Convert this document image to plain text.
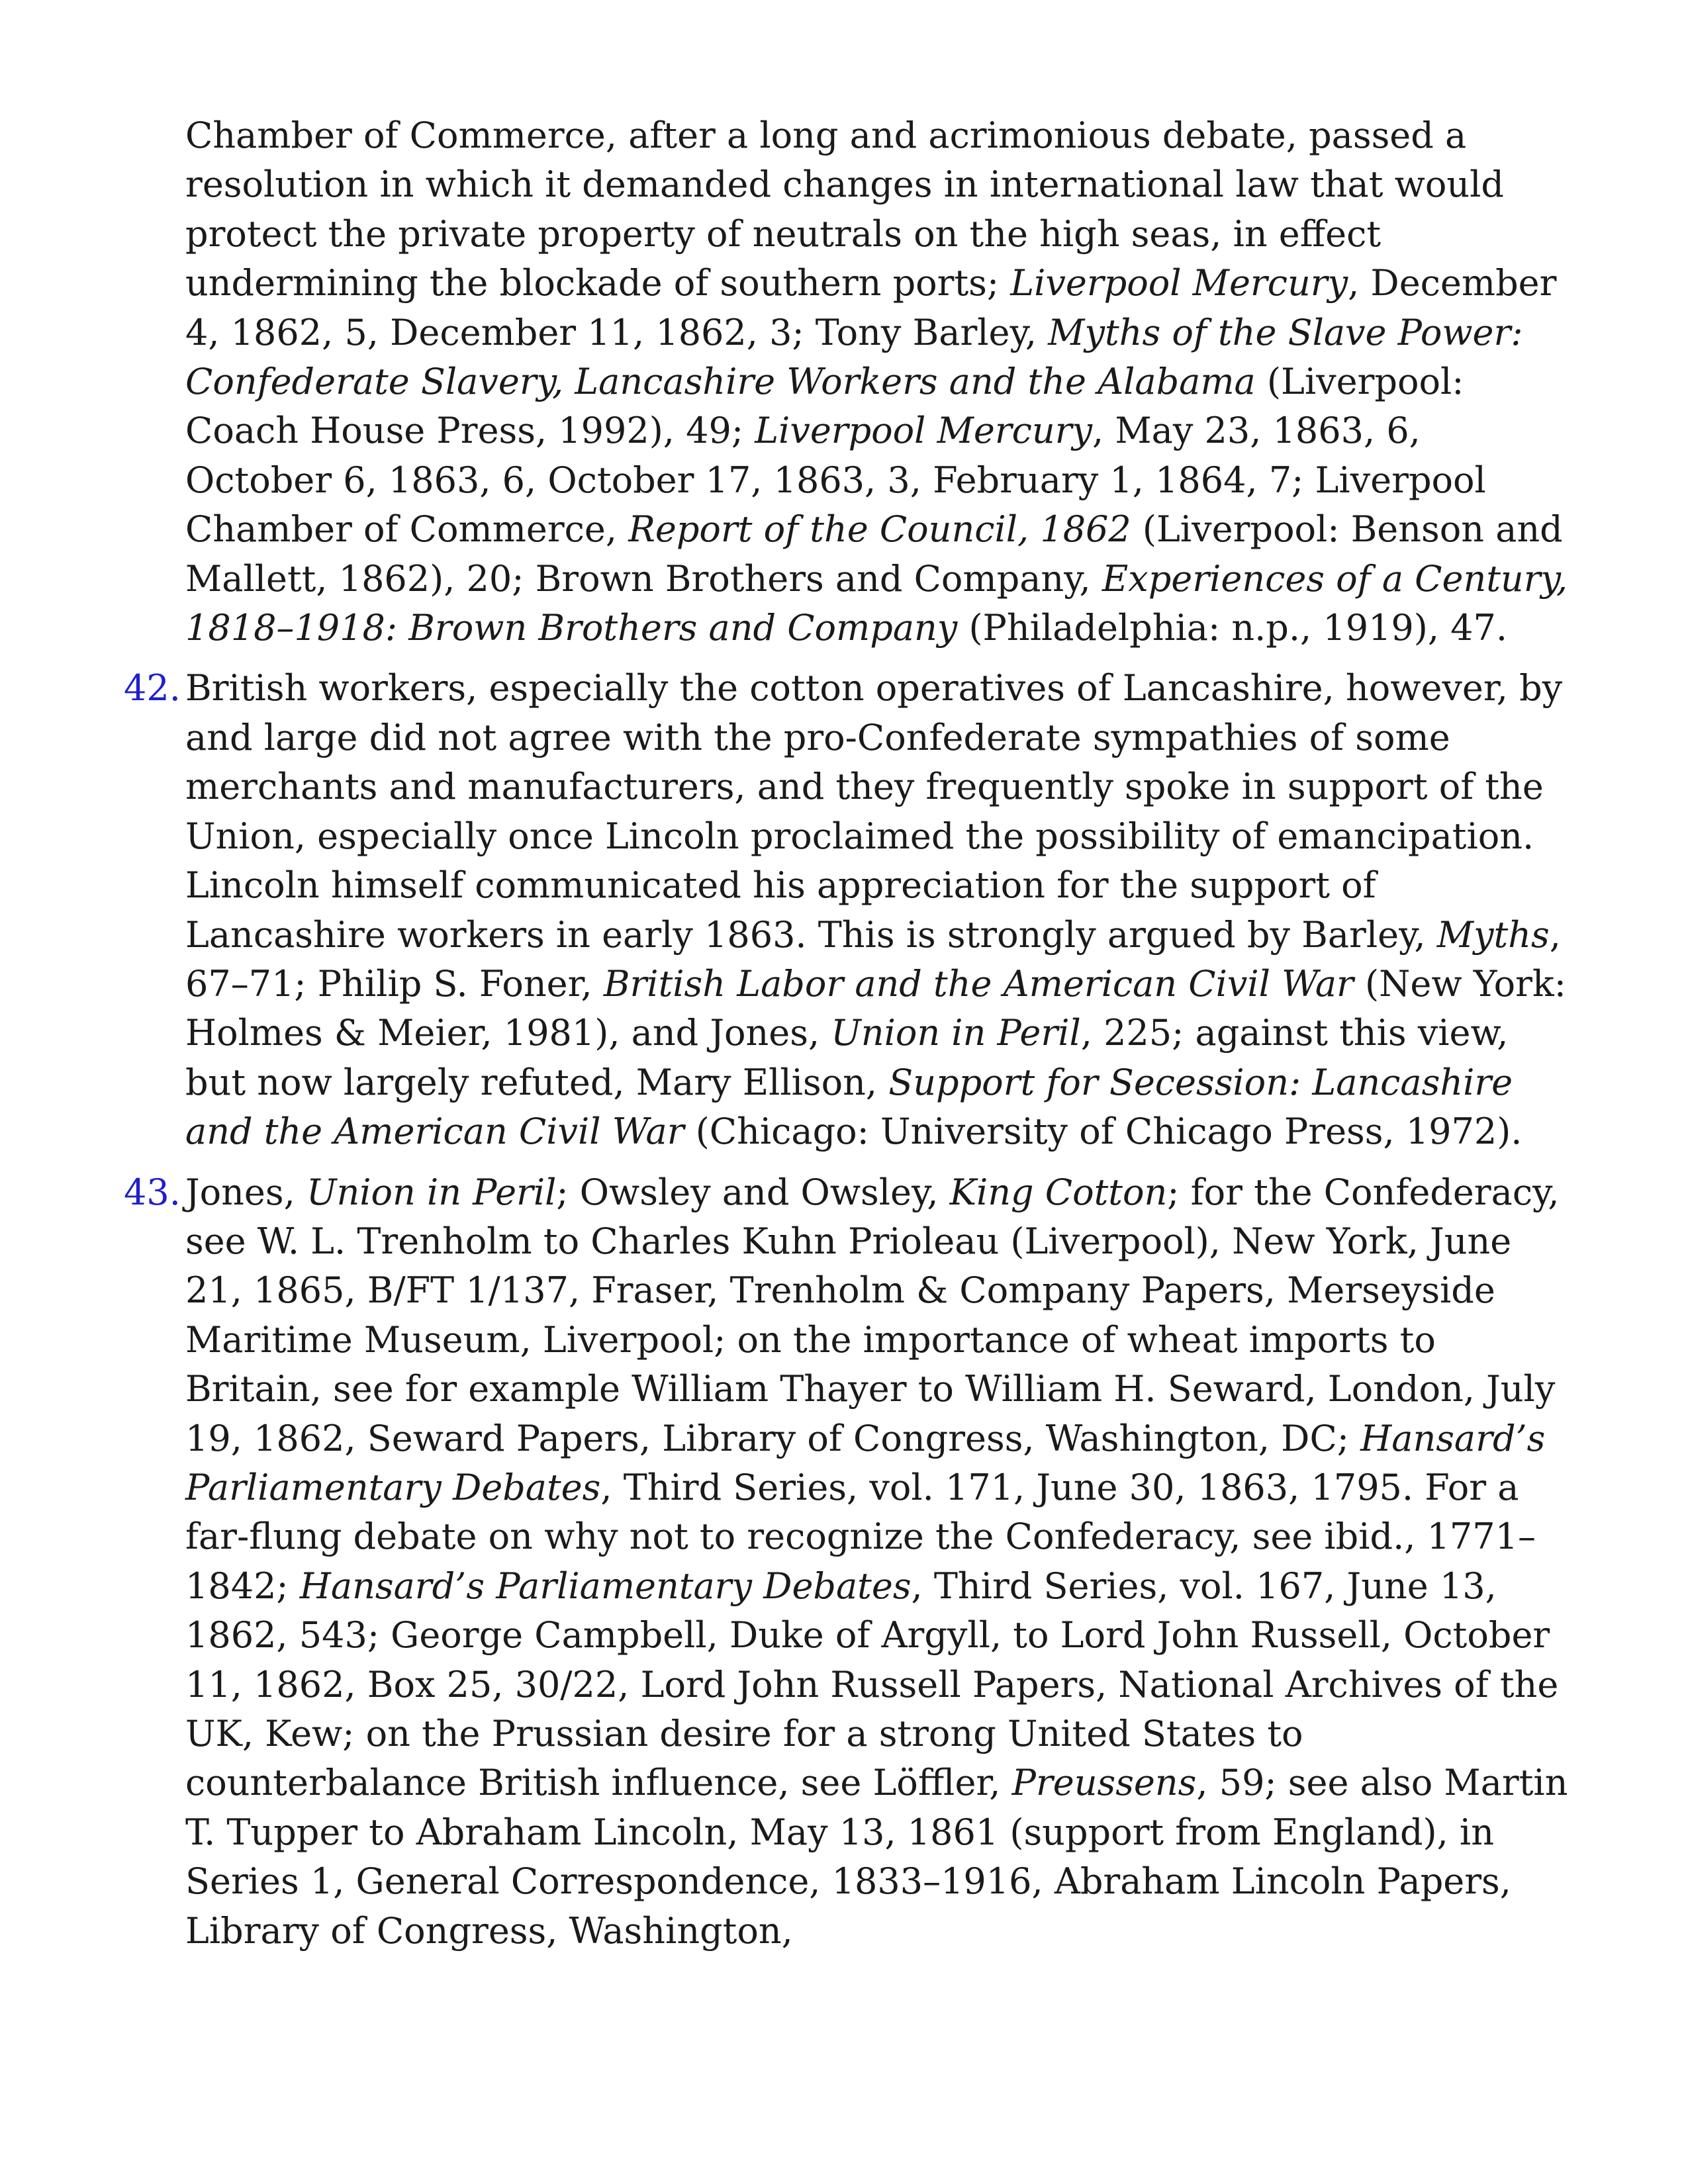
Chamber of Commerce, after a long and acrimonious debate, passed a resolution in which it demanded changes in international law that would protect the private property of neutrals on the high seas, in effect undermining the blockade of southern ports; Liverpool Mercury, December 4, 1862, 5, December 11, 1862, 3; Tony Barley, Myths of the Slave Power: Confederate Slavery, Lancashire Workers and the Alabama (Liverpool: Coach House Press, 1992), 49; Liverpool Mercury, May 23, 1863, 6, October 6, 1863, 6, October 17, 1863, 3, February 1, 1864, 7; Liverpool Chamber of Commerce, Report of the Council, 1862 (Liverpool: Benson and Mallett, 1862), 20; Brown Brothers and Company, Experiences of a Century, 1818–1918: Brown Brothers and Company (Philadelphia: n.p., 1919), 47.
42. British workers, especially the cotton operatives of Lancashire, however, by and large did not agree with the pro-Confederate sympathies of some merchants and manufacturers, and they frequently spoke in support of the Union, especially once Lincoln proclaimed the possibility of emancipation. Lincoln himself communicated his appreciation for the support of Lancashire workers in early 1863. This is strongly argued by Barley, Myths, 67–71; Philip S. Foner, British Labor and the American Civil War (New York: Holmes & Meier, 1981), and Jones, Union in Peril, 225; against this view, but now largely refuted, Mary Ellison, Support for Secession: Lancashire and the American Civil War (Chicago: University of Chicago Press, 1972).
43. Jones, Union in Peril; Owsley and Owsley, King Cotton; for the Confederacy, see W. L. Trenholm to Charles Kuhn Prioleau (Liverpool), New York, June 21, 1865, B/FT 1/137, Fraser, Trenholm & Company Papers, Merseyside Maritime Museum, Liverpool; on the importance of wheat imports to Britain, see for example William Thayer to William H. Seward, London, July 19, 1862, Seward Papers, Library of Congress, Washington, DC; Hansard’s Parliamentary Debates, Third Series, vol. 171, June 30, 1863, 1795. For a far-flung debate on why not to recognize the Confederacy, see ibid., 1771–1842; Hansard’s Parliamentary Debates, Third Series, vol. 167, June 13, 1862, 543; George Campbell, Duke of Argyll, to Lord John Russell, October 11, 1862, Box 25, 30/22, Lord John Russell Papers, National Archives of the UK, Kew; on the Prussian desire for a strong United States to counterbalance British influence, see Löffler, Preussens, 59; see also Martin T. Tupper to Abraham Lincoln, May 13, 1861 (support from England), in Series 1, General Correspondence, 1833–1916, Abraham Lincoln Papers, Library of Congress, Washington,
